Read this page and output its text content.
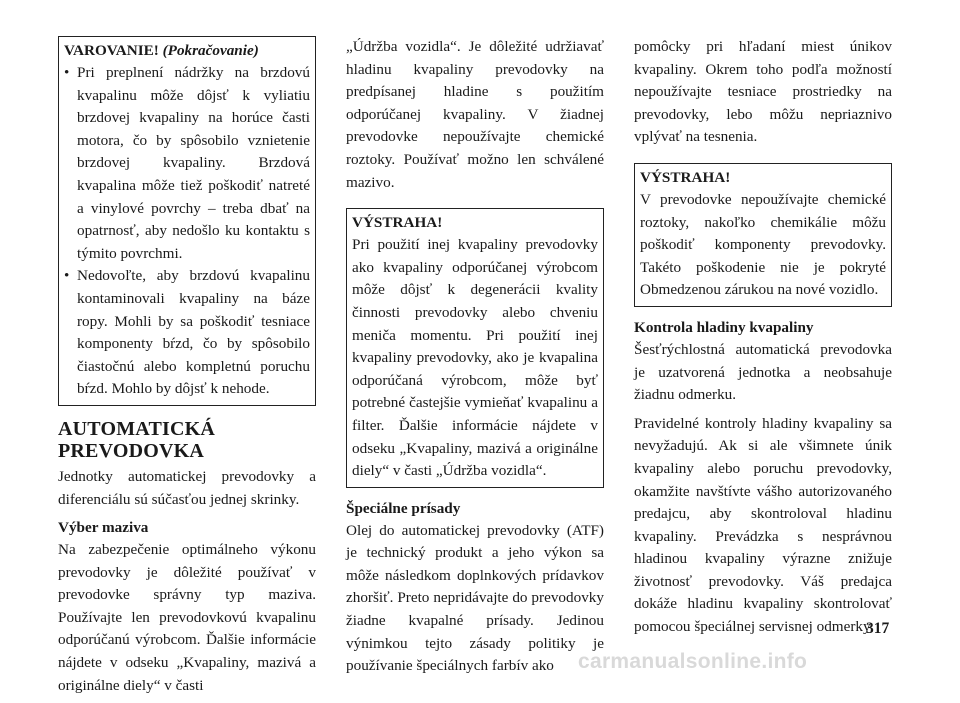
VAROVANIE! (Pokračovanie)
• Pri preplnení nádržky na brzdovú kvapalinu môže dôjsť k vyliatiu brzdovej kvapaliny na horúce časti motora, čo by spôsobilo vznietenie brzdovej kvapaliny. Brzdová kvapalina môže tiež poškodiť natreté a vinylové povrchy – treba dbať na opatrnosť, aby nedošlo ku kontaktu s týmito povrchmi.
• Nedovoľte, aby brzdovú kvapalinu kontaminovali kvapaliny na báze ropy. Mohli by sa poškodiť tesniace komponenty bŕzd, čo by spôsobilo čiastočnú alebo kompletnú poruchu bŕzd. Mohlo by dôjsť k nehode.
AUTOMATICKÁ PREVODOVKA

Jednotky automatickej prevodovky a diferenciálu sú súčasťou jednej skrinky.

Výber maziva

Na zabezpečenie optimálneho výkonu prevodovky je dôležité používať v prevodovke správny typ maziva. Používajte len prevodovkovú kvapalinu odporúčanú výrobcom. Ďalšie informácie nájdete v odseku „Kvapaliny, mazivá a originálne diely“ v časti

„Údržba vozidla“. Je dôležité udržiavať hladinu kvapaliny prevodovky na predpísanej hladine s použitím odporúčanej kvapaliny. V žiadnej prevodovke nepoužívajte chemické roztoky. Používať možno len schválené mazivo.

VÝSTRAHA!

Pri použití inej kvapaliny prevodovky ako kvapaliny odporúčanej výrobcom môže dôjsť k degenerácii kvality činnosti prevodovky alebo chveniu meniča momentu. Pri použití inej kvapaliny prevodovky, ako je kvapalina odporúčaná výrobcom, môže byť potrebné častejšie vymieňať kvapalinu a filter. Ďalšie informácie nájdete v odseku „Kvapaliny, mazivá a originálne diely“ v časti „Údržba vozidla“.

Špeciálne prísady

Olej do automatickej prevodovky (ATF) je technický produkt a jeho výkon sa môže následkom doplnkových prídavkov zhoršiť. Preto nepridávajte do prevodovky žiadne kvapalné prísady. Jedinou výnimkou tejto zásady politiky je používanie špeciálnych farbív ako

pomôcky pri hľadaní miest únikov kvapaliny. Okrem toho podľa možností nepoužívajte tesniace prostriedky na prevodovky, lebo môžu nepriaznivo vplývať na tesnenia.

VÝSTRAHA!

V prevodovke nepoužívajte chemické roztoky, nakoľko chemikálie môžu poškodiť komponenty prevodovky. Takéto poškodenie nie je pokryté Obmedzenou zárukou na nové vozidlo.

Kontrola hladiny kvapaliny

Šesťrýchlostná automatická prevodovka je uzatvorená jednotka a neobsahuje žiadnu odmerku.

Pravidelné kontroly hladiny kvapaliny sa nevyžadujú. Ak si ale všimnete únik kvapaliny alebo poruchu prevodovky, okamžite navštívte vášho autorizovaného predajcu, aby skontroloval hladinu kvapaliny. Prevádzka s nesprávnou hladinou kvapaliny výrazne znižuje životnosť prevodovky. Váš predajca dokáže hladinu kvapaliny skontrolovať pomocou špeciálnej servisnej odmerky.

317
carmanualsonline.info
